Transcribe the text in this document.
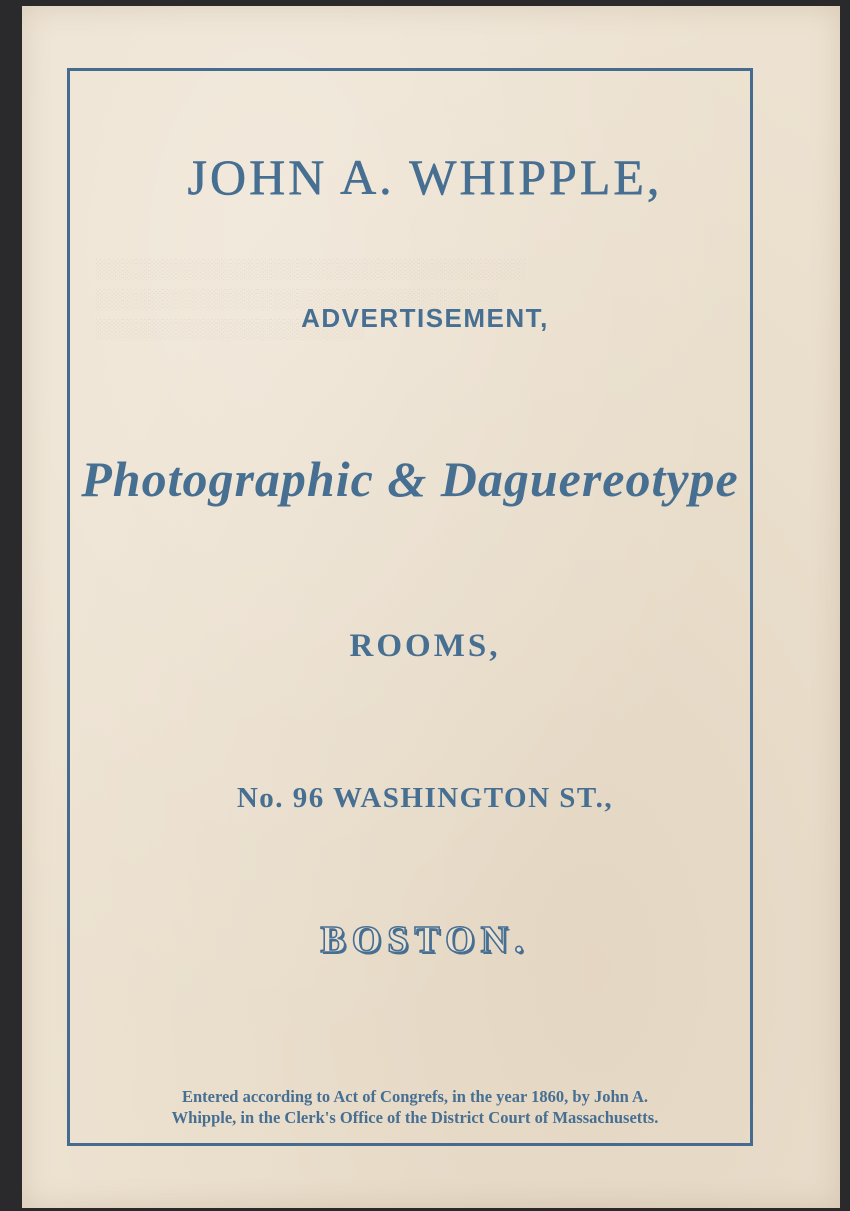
░░░░░░░░░░░░░░░░░░░░░░░░░░░░░░░░
░░░░░░░░░░░░░░░░░░░░░░░░░░░░░░
░░░░░░░░░░░░░░░░░░░░
JOHN A. WHIPPLE,
ADVERTISEMENT,
Photographic & Daguereotype
ROOMS,
No. 96 WASHINGTON ST.,
BOSTON.
Entered according to Act of Congrefs, in the year 1860, by John A.
Whipple, in the Clerk's Office of the District Court of Massachusetts.
